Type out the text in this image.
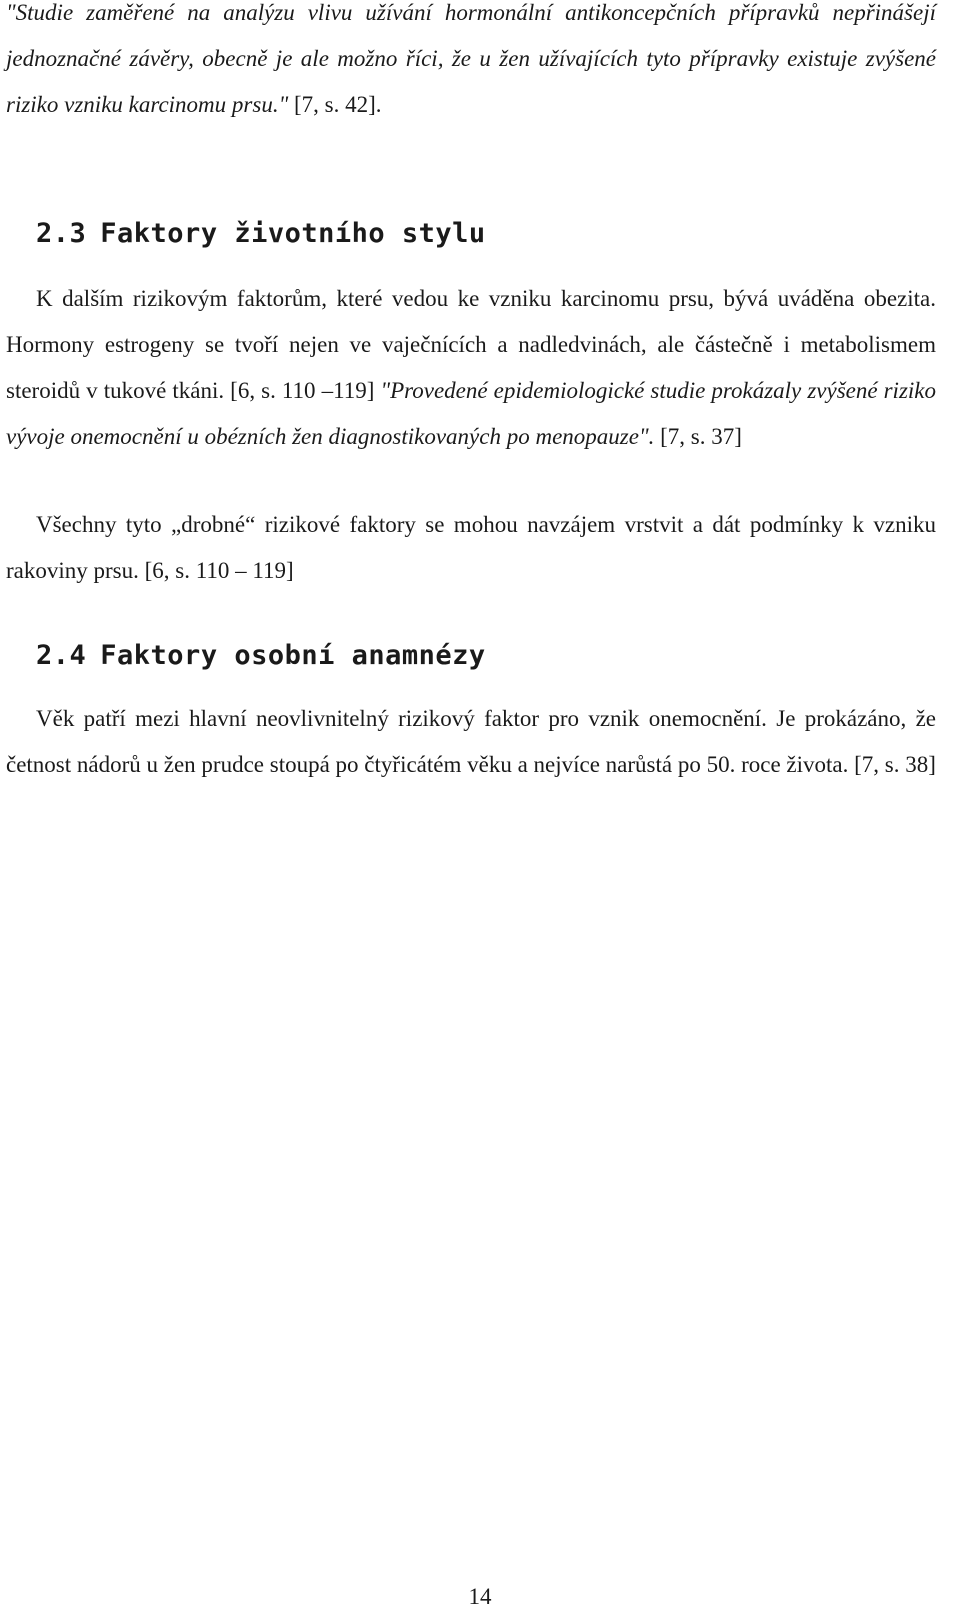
"Studie zaměřené na analýzu vlivu užívání hormonální antikoncepčních přípravků nepřinášejí jednoznačné závěry, obecně je ale možno říci, že u žen užívajících tyto přípravky existuje zvýšené riziko vzniku karcinomu prsu." [7, s. 42].

2.3 Faktory životního stylu

K dalším rizikovým faktorům, které vedou ke vzniku karcinomu prsu, bývá uváděna obezita. Hormony estrogeny se tvoří nejen ve vaječnících a nadledvinách, ale částečně i metabolismem steroidů v tukové tkáni. [6, s. 110 –119] "Provedené epidemiologické studie prokázaly zvýšené riziko vývoje onemocnění u obézních žen diagnostikovaných po menopauze". [7, s. 37]

Všechny tyto „drobné“ rizikové faktory se mohou navzájem vrstvit a dát podmínky k vzniku rakoviny prsu. [6, s. 110 – 119]

2.4 Faktory osobní anamnézy

Věk patří mezi hlavní neovlivnitelný rizikový faktor pro vznik onemocnění. Je prokázáno, že četnost nádorů u žen prudce stoupá po čtyřicátém věku a nejvíce narůstá po 50. roce života. [7, s. 38]

14
